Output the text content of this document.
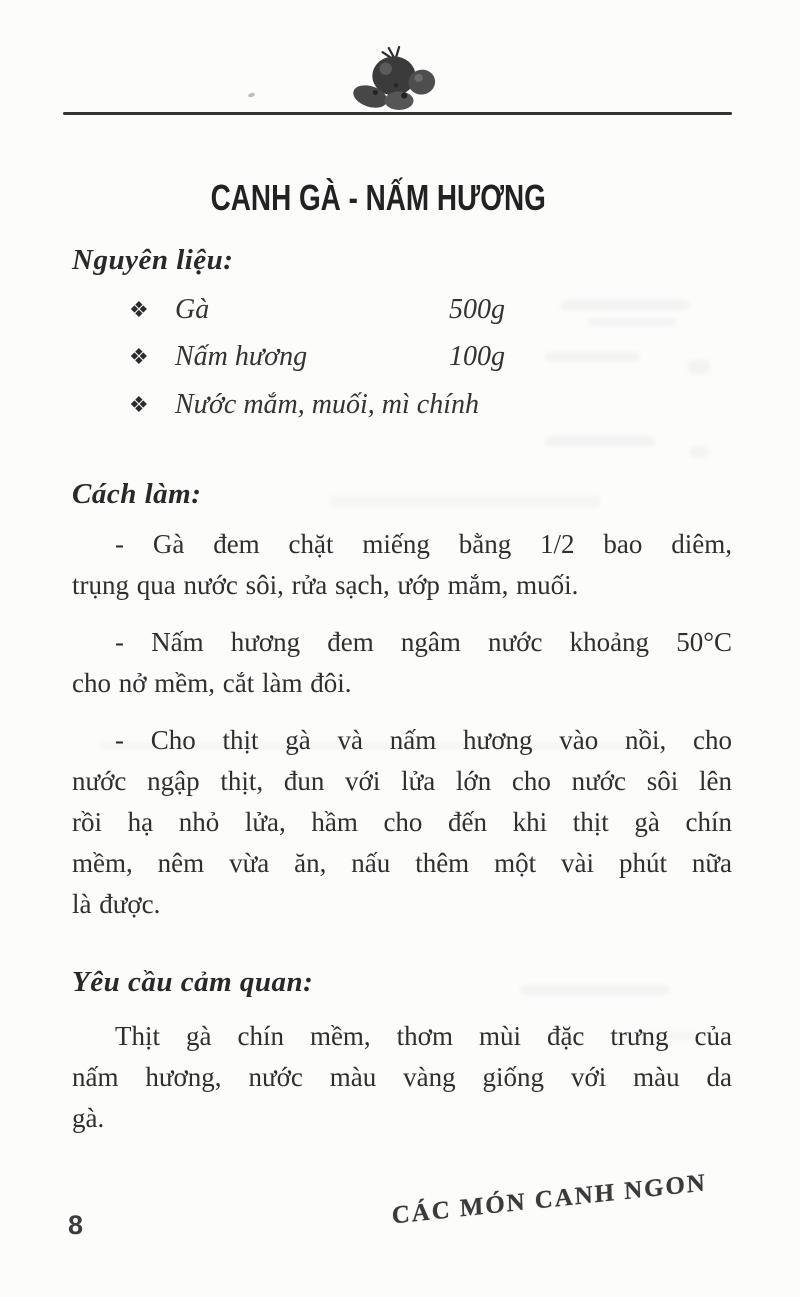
CANH GÀ - NẤM HƯƠNG
Nguyên liệu:
❖ Gà	500g
❖ Nấm hương	100g
❖ Nước mắm, muối, mì chính
Cách làm:
- Gà đem chặt miếng bằng 1/2 bao diêm,
trụng qua nước sôi, rửa sạch, ướp mắm, muối.
- Nấm hương đem ngâm nước khoảng 50°C
cho nở mềm, cắt làm đôi.
- Cho thịt gà và nấm hương vào nồi, cho
nước ngập thịt, đun với lửa lớn cho nước sôi lên
rồi hạ nhỏ lửa, hầm cho đến khi thịt gà chín
mềm, nêm vừa ăn, nấu thêm một vài phút nữa
là được.
Yêu cầu cảm quan:
Thịt gà chín mềm, thơm mùi đặc trưng của
nấm hương, nước màu vàng giống với màu da
gà.
8	CÁC MÓN CANH NGON
